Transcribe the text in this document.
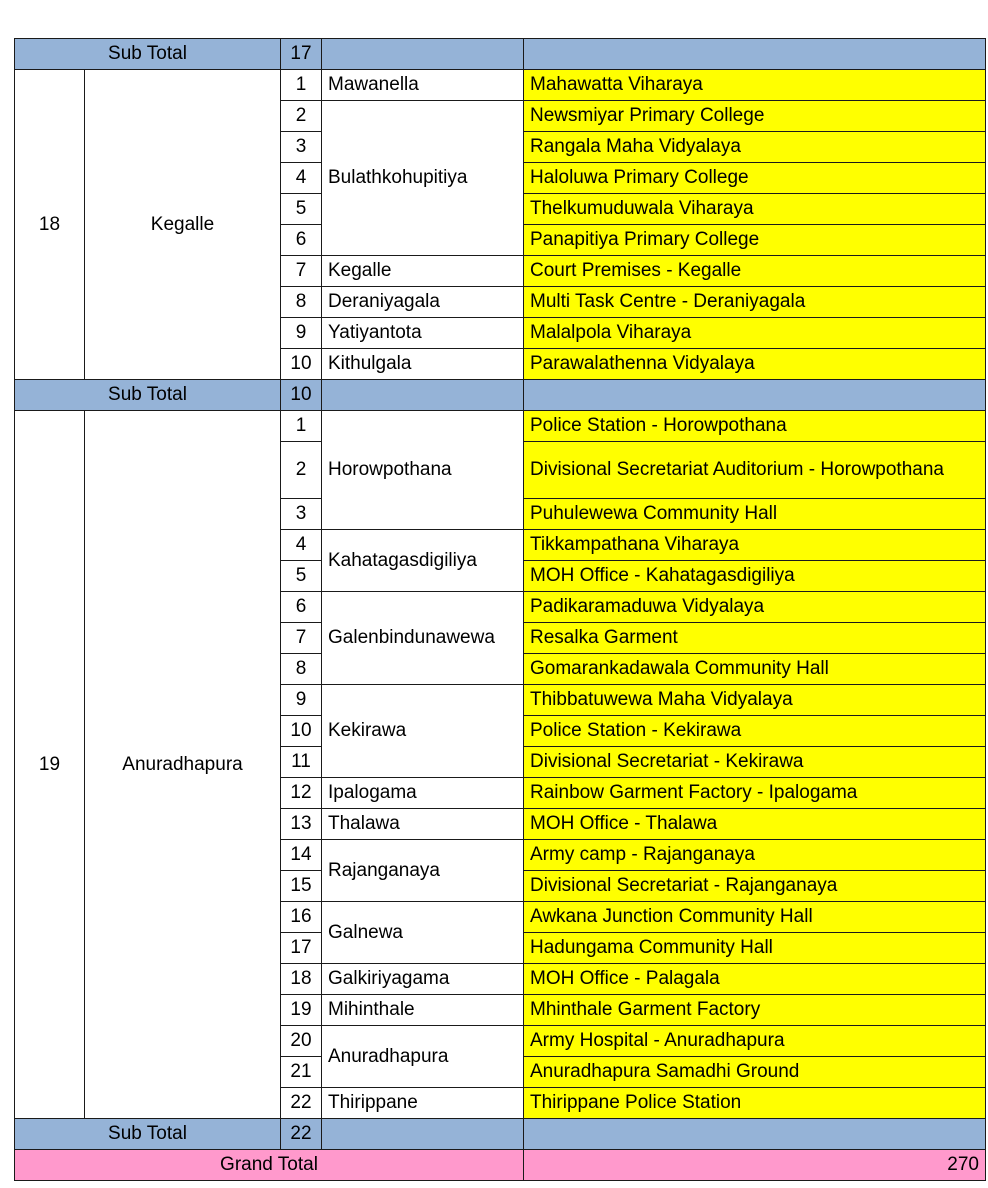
Sub Total		17		
18	Kegalle	1	Mawanella	Mahawatta Viharaya
		2	Bulathkohupitiya	Newsmiyar Primary College
		3		Rangala Maha Vidyalaya
		4		Haloluwa Primary College
		5		Thelkumuduwala Viharaya
		6		Panapitiya Primary College
		7	Kegalle	Court Premises - Kegalle
		8	Deraniyagala	Multi Task Centre - Deraniyagala
		9	Yatiyantota	Malalpola Viharaya
		10	Kithulgala	Parawalathenna Vidyalaya
Sub Total		10		
19	Anuradhapura	1	Horowpothana	Police Station - Horowpothana
		2		Divisional Secretariat Auditorium - Horowpothana
		3		Puhulewewa Community Hall
		4	Kahatagasdigiliya	Tikkampathana Viharaya
		5		MOH Office - Kahatagasdigiliya
		6	Galenbindunawewa	Padikaramaduwa Vidyalaya
		7		Resalka Garment
		8		Gomarankadawala Community Hall
		9	Kekirawa	Thibbatuwewa Maha Vidyalaya
		10		Police Station - Kekirawa
		11		Divisional Secretariat - Kekirawa
		12	Ipalogama	Rainbow Garment Factory - Ipalogama
		13	Thalawa	MOH Office - Thalawa
		14	Rajanganaya	Army camp - Rajanganaya
		15		Divisional Secretariat - Rajanganaya
		16	Galnewa	Awkana Junction Community Hall
		17		Hadungama Community Hall
		18	Galkiriyagama	MOH Office - Palagala
		19	Mihinthale	Mhinthale Garment Factory
		20	Anuradhapura	Army Hospital - Anuradhapura
		21		Anuradhapura Samadhi Ground
		22	Thirippane	Thirippane Police Station
Sub Total		22		
Grand Total				270
